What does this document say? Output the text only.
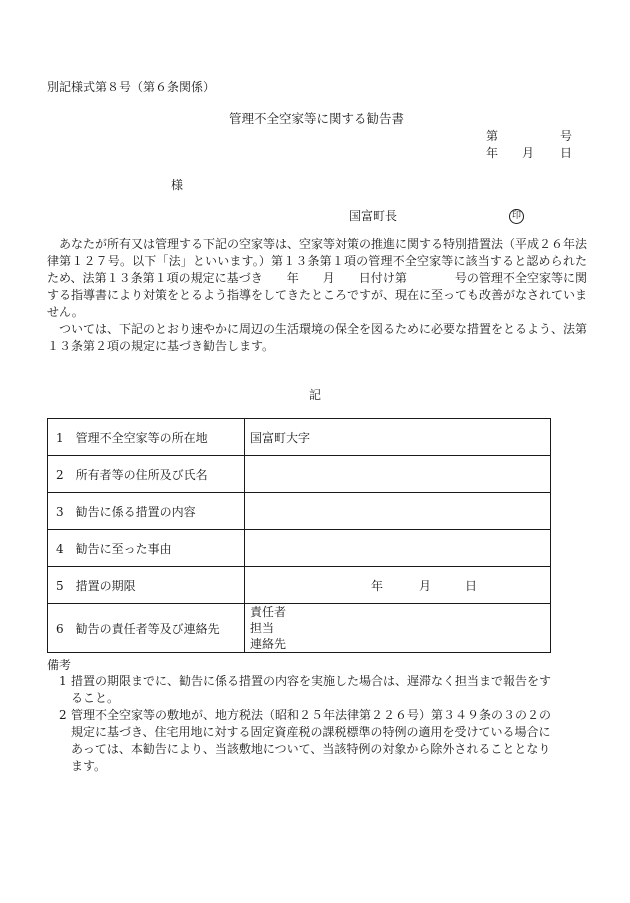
別記様式第８号（第６条関係）
管理不全空家等に関する勧告書
第	号
年 月 日
様
国富町長	印

あなたが所有又は管理する下記の空家等は、空家等対策の推進に関する特別措置法（平成２６年法律第１２７号。以下「法」といいます。）第１３条第１項の管理不全空家等に該当すると認められたため、法第１３条第１項の規定に基づき　　年　　月　　日付け第　　　　号の管理不全空家等に関する指導書により対策をとるよう指導をしてきたところですが、現在に至っても改善がなされていません。

ついては、下記のとおり速やかに周辺の生活環境の保全を図るために必要な措置をとるよう、法第１３条第２項の規定に基づき勧告します。

記
1　管理不全空家等の所在地	国富町大字
2　所有者等の住所及び氏名	
3　勧告に係る措置の内容	
4　勧告に至った事由	
5　措置の期限	年 月 日

6　勧告の責任者等及び連絡先	責任者
担当
連絡先
備考

1 措置の期限までに、勧告に係る措置の内容を実施した場合は、遅滞なく担当まで報告をすること。

2 管理不全空家等の敷地が、地方税法（昭和２５年法律第２２６号）第３４９条の３の２の規定に基づき、住宅用地に対する固定資産税の課税標準の特例の適用を受けている場合にあっては、本勧告により、当該敷地について、当該特例の対象から除外されることとなります。
